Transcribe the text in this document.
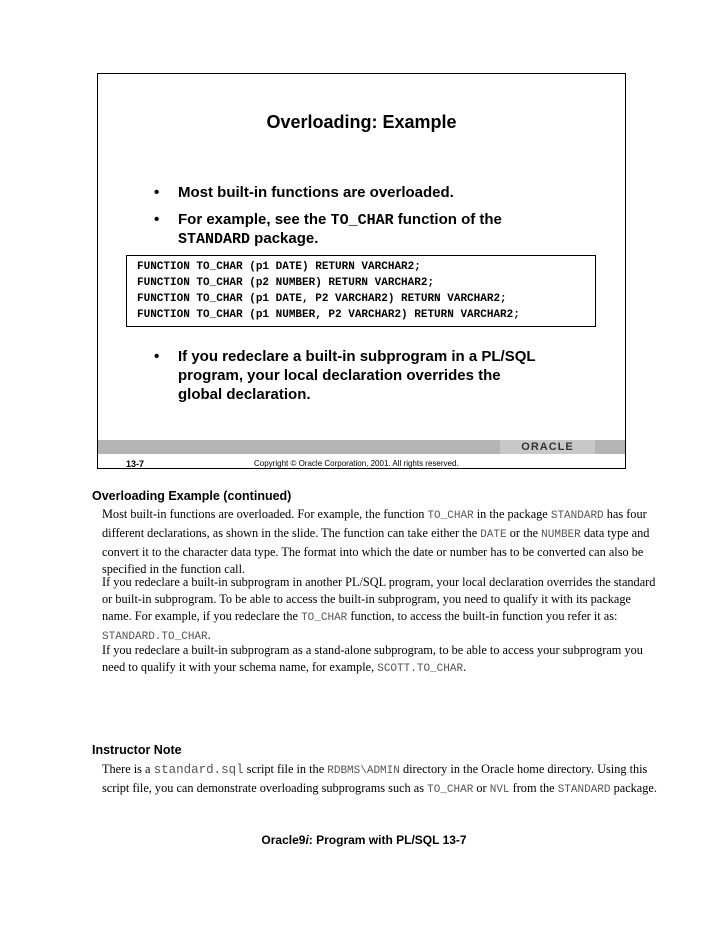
Overloading: Example
• Most built-in functions are overloaded.
• For example, see the TO_CHAR function of the
STANDARD package.
FUNCTION TO_CHAR (p1 DATE) RETURN VARCHAR2;
FUNCTION TO_CHAR (p2 NUMBER) RETURN VARCHAR2;
FUNCTION TO_CHAR (p1 DATE, P2 VARCHAR2) RETURN VARCHAR2;
FUNCTION TO_CHAR (p1 NUMBER, P2 VARCHAR2) RETURN VARCHAR2;
• If you redeclare a built-in subprogram in a PL/SQL
program, your local declaration overrides the
global declaration.
ORACLE
13-7	Copyright © Oracle Corporation, 2001. All rights reserved.
Overloading Example (continued)
Most built-in functions are overloaded. For example, the function TO_CHAR in the package STANDARD has four different declarations, as shown in the slide. The function can take either the DATE or the NUMBER data type and convert it to the character data type. The format into which the date or number has to be converted can also be specified in the function call.
If you redeclare a built-in subprogram in another PL/SQL program, your local declaration overrides the standard or built-in subprogram. To be able to access the built-in subprogram, you need to qualify it with its package name. For example, if you redeclare the TO_CHAR function, to access the built-in function you refer it as: STANDARD.TO_CHAR.
If you redeclare a built-in subprogram as a stand-alone subprogram, to be able to access your subprogram you need to qualify it with your schema name, for example, SCOTT.TO_CHAR.
Instructor Note
There is a standard.sql script file in the RDBMS\ADMIN directory in the Oracle home directory. Using this script file, you can demonstrate overloading subprograms such as TO_CHAR or NVL from the STANDARD package.
Oracle9i: Program with PL/SQL 13-7
